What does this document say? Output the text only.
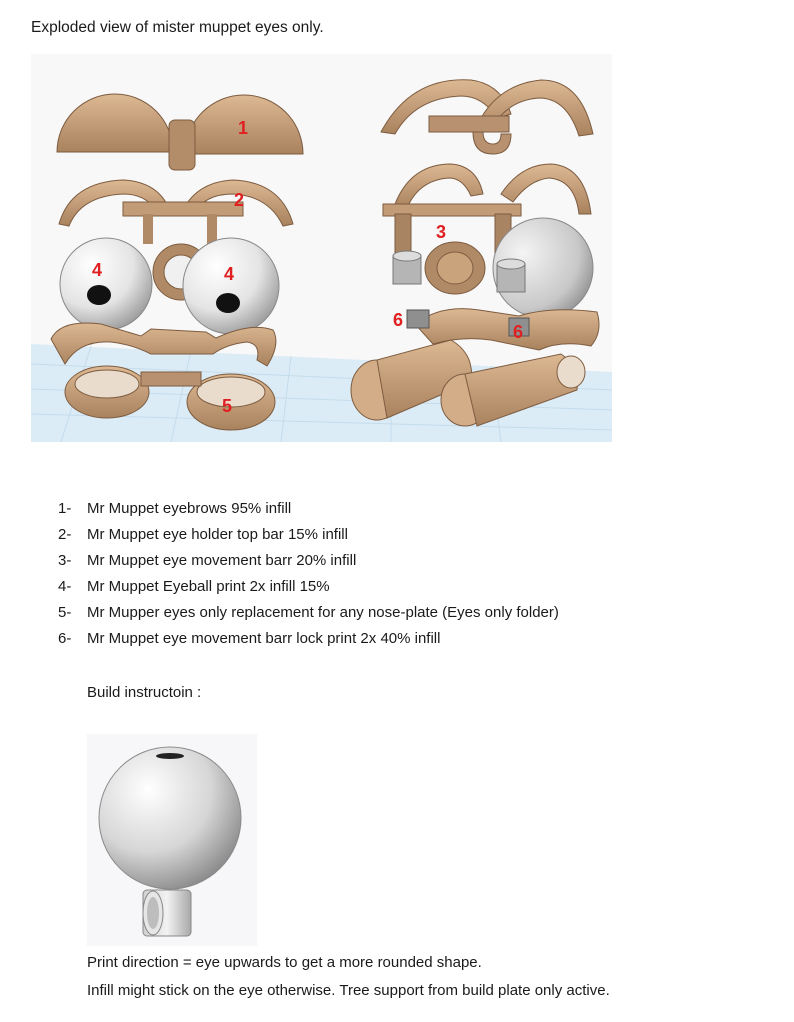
Exploded view of mister muppet eyes only.
1
2
3
4	4
5
6
6
1-	Mr Muppet eyebrows 95% infill
2-	Mr Muppet eye holder top bar 15% infill
3-	Mr Muppet eye movement barr 20% infill
4-	Mr Muppet Eyeball print 2x infill 15%
5-	Mr Mupper eyes only replacement for any nose-plate (Eyes only folder)
6-	Mr Muppet eye movement barr lock print 2x 40% infill
Build instructoin :
Print direction = eye upwards to get a more rounded shape.
Infill might stick on the eye otherwise. Tree support from build plate only active.
